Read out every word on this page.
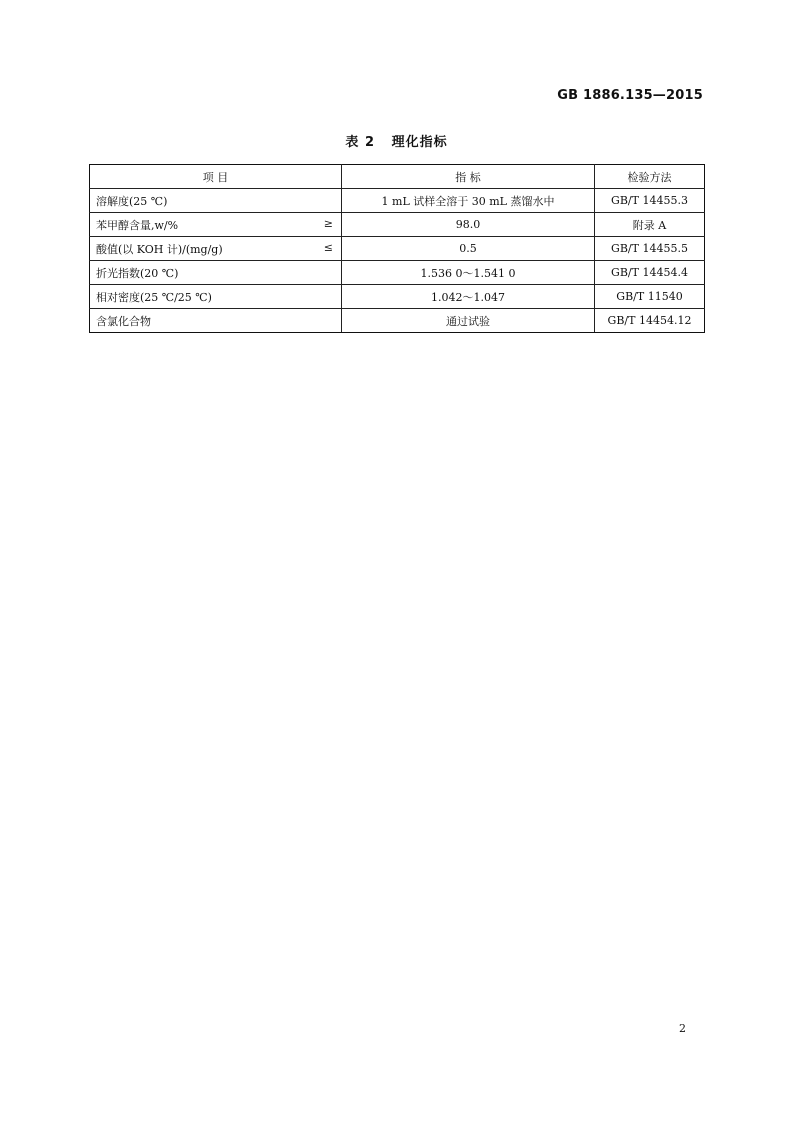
GB 1886.135—2015
表 2   理化指标
项 目	指 标	检验方法
溶解度(25 ℃)	1 mL 试样全溶于 30 mL 蒸馏水中	GB/T 14455.3
苯甲醇含量,w/% ≥	98.0	附录 A
酸值(以 KOH 计)/(mg/g) ≤	0.5	GB/T 14455.5
折光指数(20 ℃)	1.536 0～1.541 0	GB/T 14454.4
相对密度(25 ℃/25 ℃)	1.042～1.047	GB/T 11540
含氯化合物	通过试验	GB/T 14454.12
2
